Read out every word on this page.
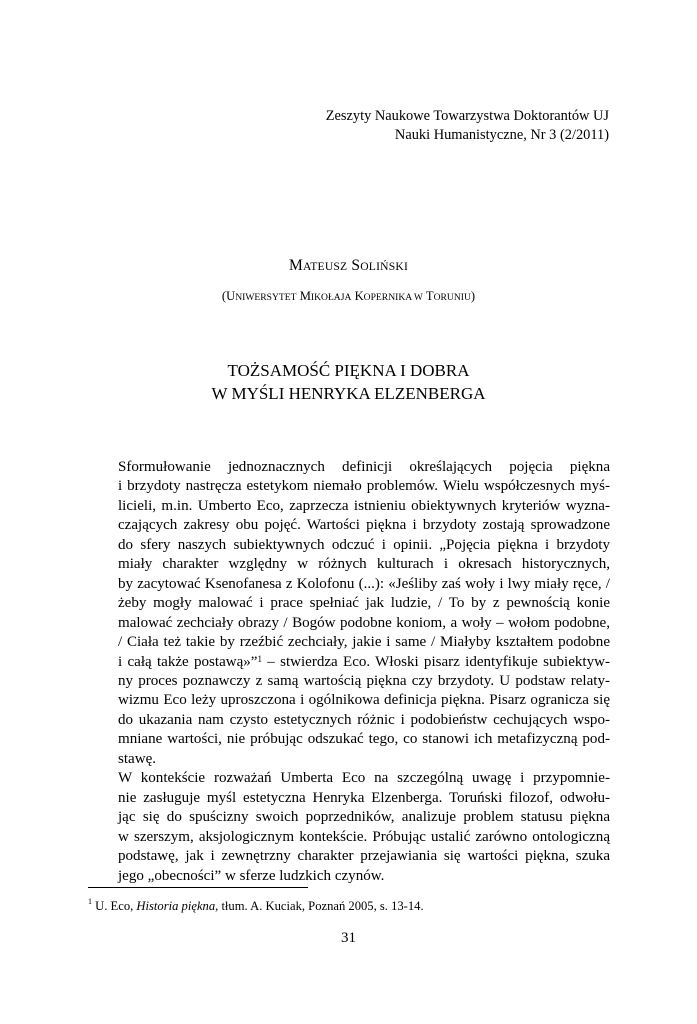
Zeszyty Naukowe Towarzystwa Doktorantów UJ
Nauki Humanistyczne, Nr 3 (2/2011)
MATEUSZ SOLIŃSKI
(UNIWERSYTET MIKOŁAJA KOPERNIKA W TORUNIU)
TOŻSAMOŚĆ PIĘKNA I DOBRA
W MYŚLI HENRYKA ELZENBERGA

Sformułowanie jednoznacznych definicji określających pojęcia piękna
i brzydoty nastręcza estetykom niemało problemów. Wielu współczesnych myś-
licieli, m.in. Umberto Eco, zaprzecza istnieniu obiektywnych kryteriów wyzna-
czających zakresy obu pojęć. Wartości piękna i brzydoty zostają sprowadzone
do sfery naszych subiektywnych odczuć i opinii. „Pojęcia piękna i brzydoty
miały charakter względny w różnych kulturach i okresach historycznych,
by zacytować Ksenofanesa z Kolofonu (...): «Jeśliby zaś woły i lwy miały ręce, /
żeby mogły malować i prace spełniać jak ludzie, / To by z pewnością konie
malować zechciały obrazy / Bogów podobne koniom, a woły – wołom podobne,
/ Ciała też takie by rzeźbić zechciały, jakie i same / Miałyby kształtem podobne
i całą także postawą»”$^1$ – stwierdza Eco. Włoski pisarz identyfikuje subiektyw-
ny proces poznawczy z samą wartością piękna czy brzydoty. U podstaw relaty-
wizmu Eco leży uproszczona i ogólnikowa definicja piękna. Pisarz ogranicza się
do ukazania nam czysto estetycznych różnic i podobieństw cechujących wspo-
mniane wartości, nie próbując odszukać tego, co stanowi ich metafizyczną pod-
stawę.

W kontekście rozważań Umberta Eco na szczególną uwagę i przypomnie-
nie zasługuje myśl estetyczna Henryka Elzenberga. Toruński filozof, odwołu-
jąc się do spuścizny swoich poprzedników, analizuje problem statusu piękna
w szerszym, aksjologicznym kontekście. Próbując ustalić zarówno ontologiczną
podstawę, jak i zewnętrzny charakter przejawiania się wartości piękna, szuka
jego „obecności” w sferze ludzkich czynów.

$^1$ U. Eco, Historia piękna, tłum. A. Kuciak, Poznań 2005, s. 13-14.
31
